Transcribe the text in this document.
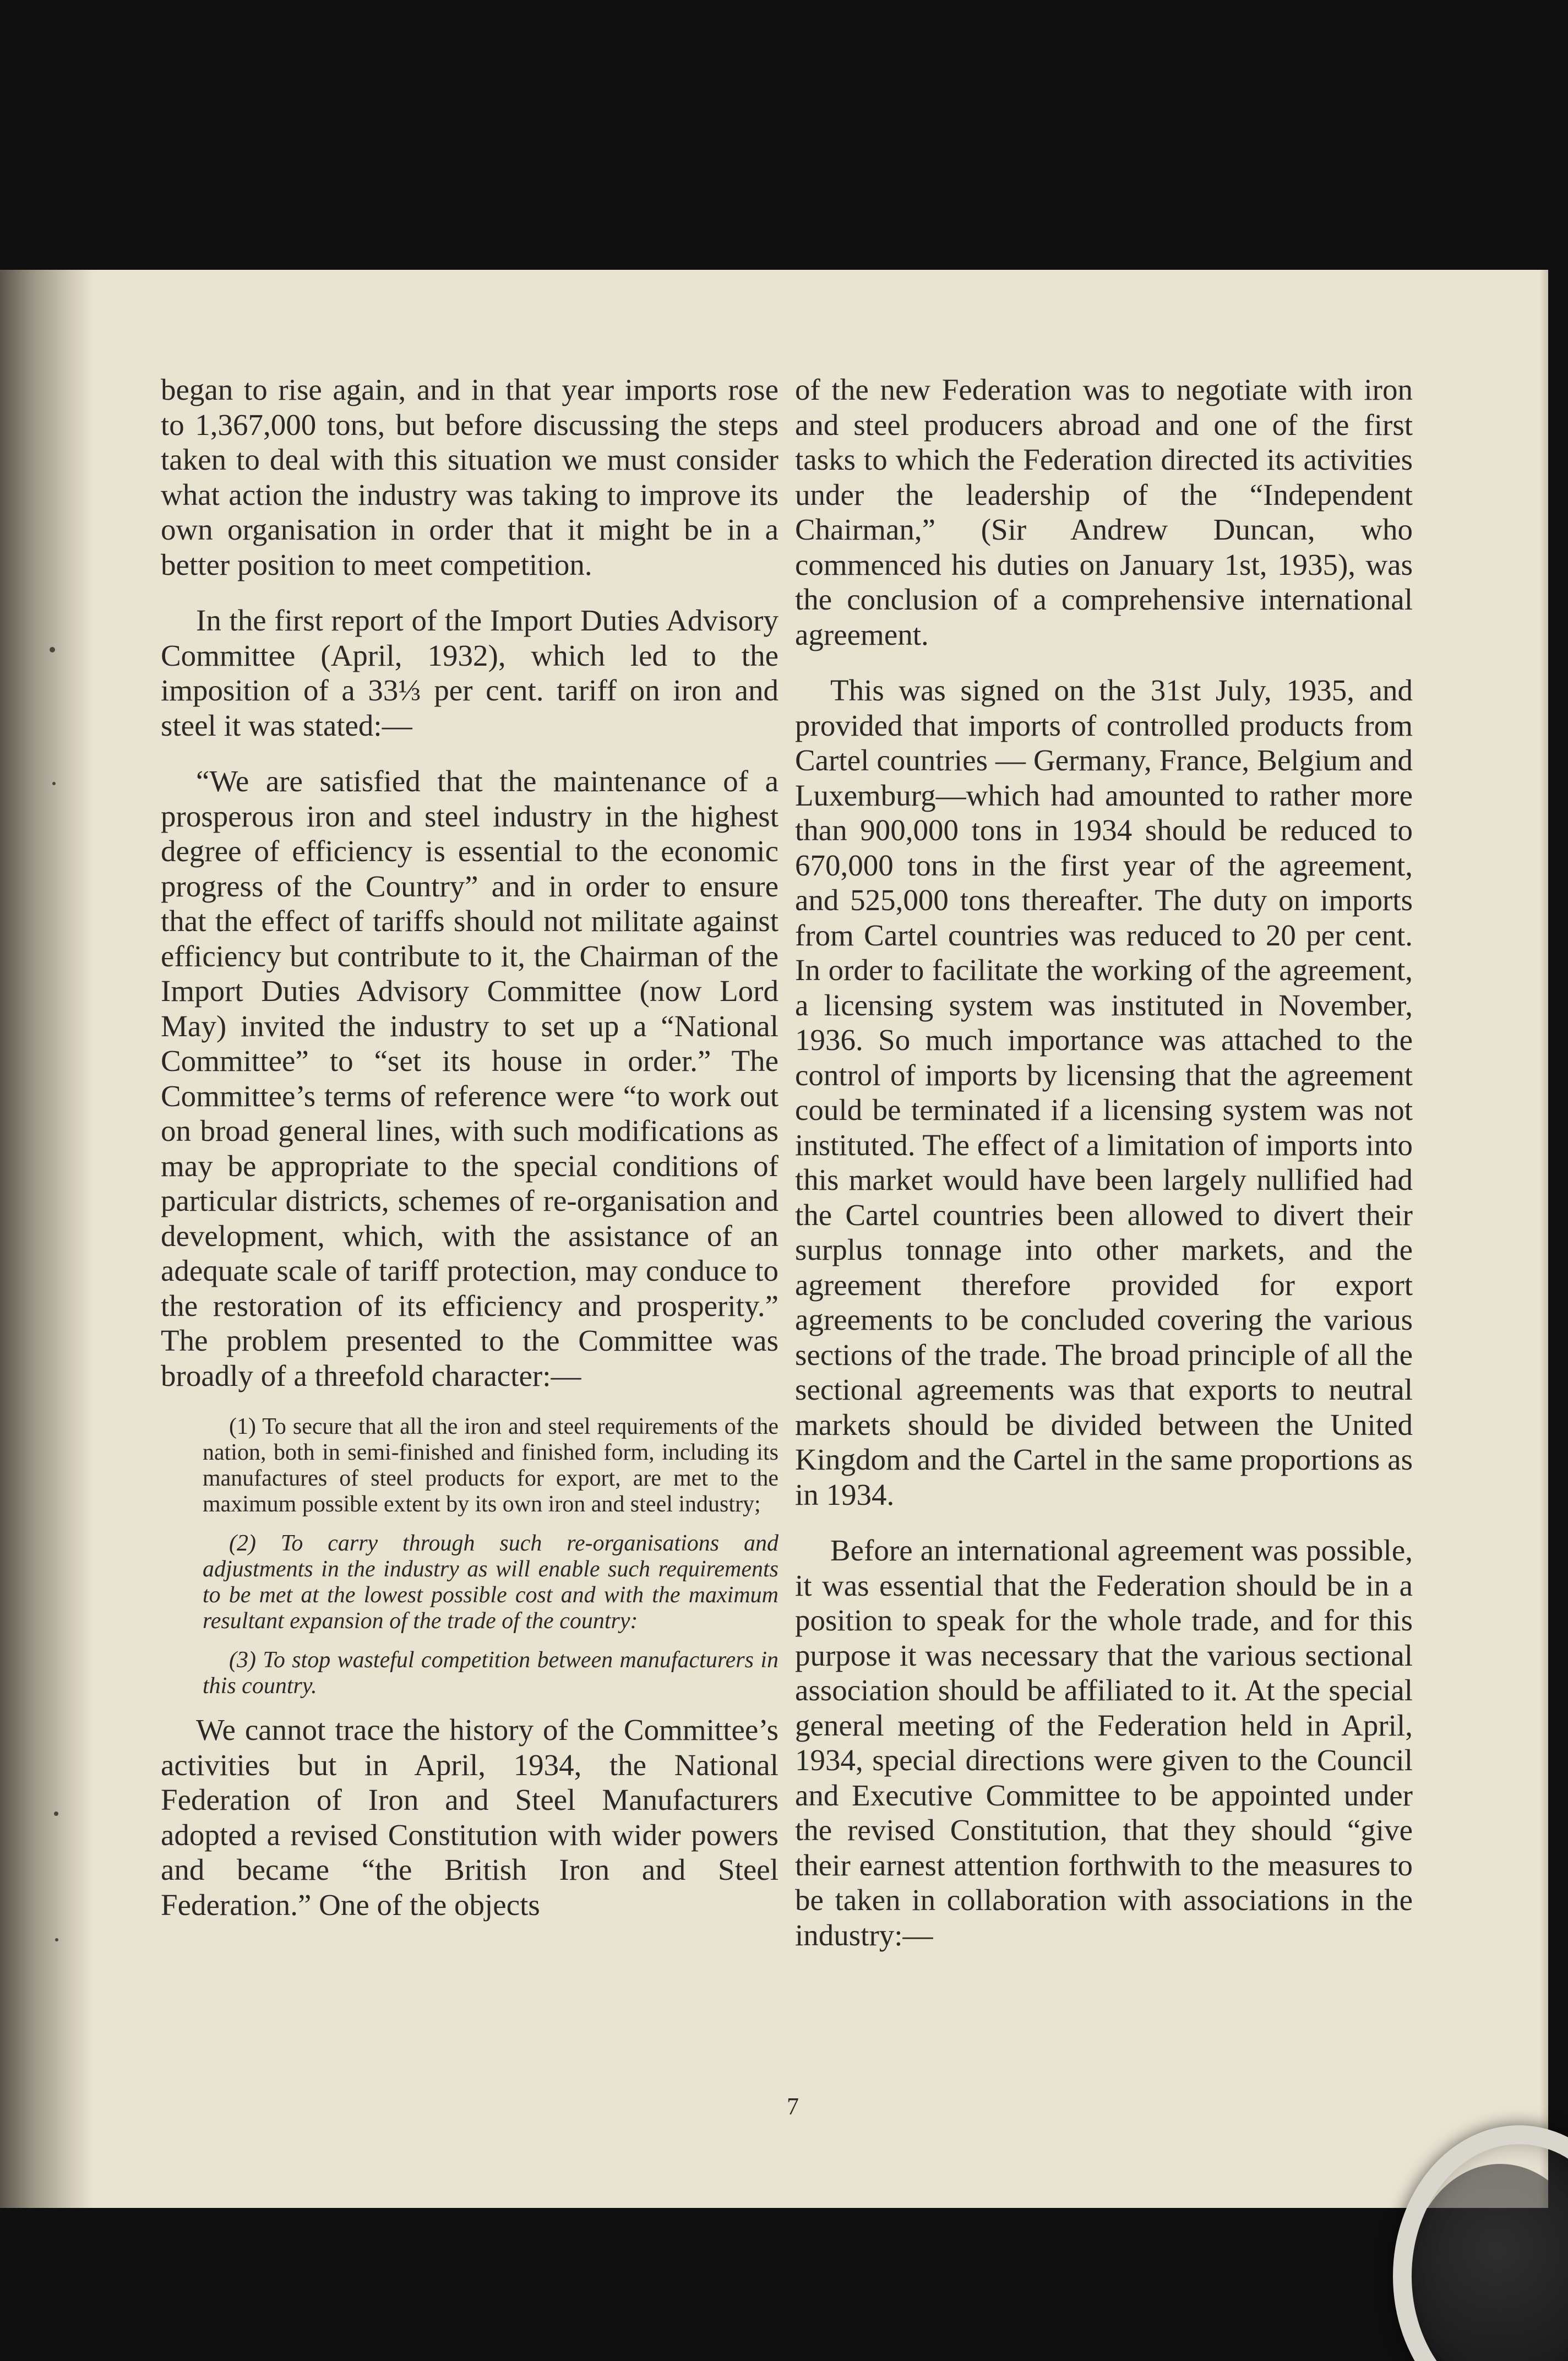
began to rise again, and in that year imports rose to 1,367,000 tons, but before discussing the steps taken to deal with this situation we must consider what action the industry was taking to improve its own organisation in order that it might be in a better position to meet competition.

In the first report of the Import Duties Advisory Committee (April, 1932), which led to the imposition of a 33⅓ per cent. tariff on iron and steel it was stated:—

“We are satisfied that the maintenance of a prosperous iron and steel industry in the highest degree of efficiency is essential to the economic progress of the Country” and in order to ensure that the effect of tariffs should not militate against efficiency but contribute to it, the Chairman of the Import Duties Advisory Committee (now Lord May) invited the industry to set up a “National Committee” to “set its house in order.” The Committee’s terms of reference were “to work out on broad general lines, with such modifications as may be appropriate to the special conditions of particular districts, schemes of re-organisation and development, which, with the assistance of an adequate scale of tariff protection, may conduce to the restoration of its efficiency and prosperity.” The problem presented to the Committee was broadly of a threefold character:—

(1) To secure that all the iron and steel requirements of the nation, both in semi-finished and finished form, including its manufactures of steel products for export, are met to the maximum possible extent by its own iron and steel industry;
(2) To carry through such re-organisations and adjustments in the industry as will enable such requirements to be met at the lowest possible cost and with the maximum resultant expansion of the trade of the country:
(3) To stop wasteful competition between manufacturers in this country.

We cannot trace the history of the Committee’s activities but in April, 1934, the National Federation of Iron and Steel Manufacturers adopted a revised Constitution with wider powers and became “the British Iron and Steel Federation.” One of the objects

of the new Federation was to negotiate with iron and steel producers abroad and one of the first tasks to which the Federation directed its activities under the leadership of the “Independent Chairman,” (Sir Andrew Duncan, who commenced his duties on January 1st, 1935), was the conclusion of a comprehensive international agreement.

This was signed on the 31st July, 1935, and provided that imports of controlled products from Cartel countries — Germany, France, Belgium and Luxemburg—which had amounted to rather more than 900,000 tons in 1934 should be reduced to 670,000 tons in the first year of the agreement, and 525,000 tons thereafter. The duty on imports from Cartel countries was reduced to 20 per cent. In order to facilitate the working of the agreement, a licensing system was instituted in November, 1936. So much importance was attached to the control of imports by licensing that the agreement could be terminated if a licensing system was not instituted. The effect of a limitation of imports into this market would have been largely nullified had the Cartel countries been allowed to divert their surplus tonnage into other markets, and the agreement therefore provided for export agreements to be concluded covering the various sections of the trade. The broad principle of all the sectional agreements was that exports to neutral markets should be divided between the United Kingdom and the Cartel in the same proportions as in 1934.

Before an international agreement was possible, it was essential that the Federation should be in a position to speak for the whole trade, and for this purpose it was necessary that the various sectional association should be affiliated to it. At the special general meeting of the Federation held in April, 1934, special directions were given to the Council and Executive Committee to be appointed under the revised Constitution, that they should “give their earnest attention forthwith to the measures to be taken in collaboration with associations in the industry:—

7
